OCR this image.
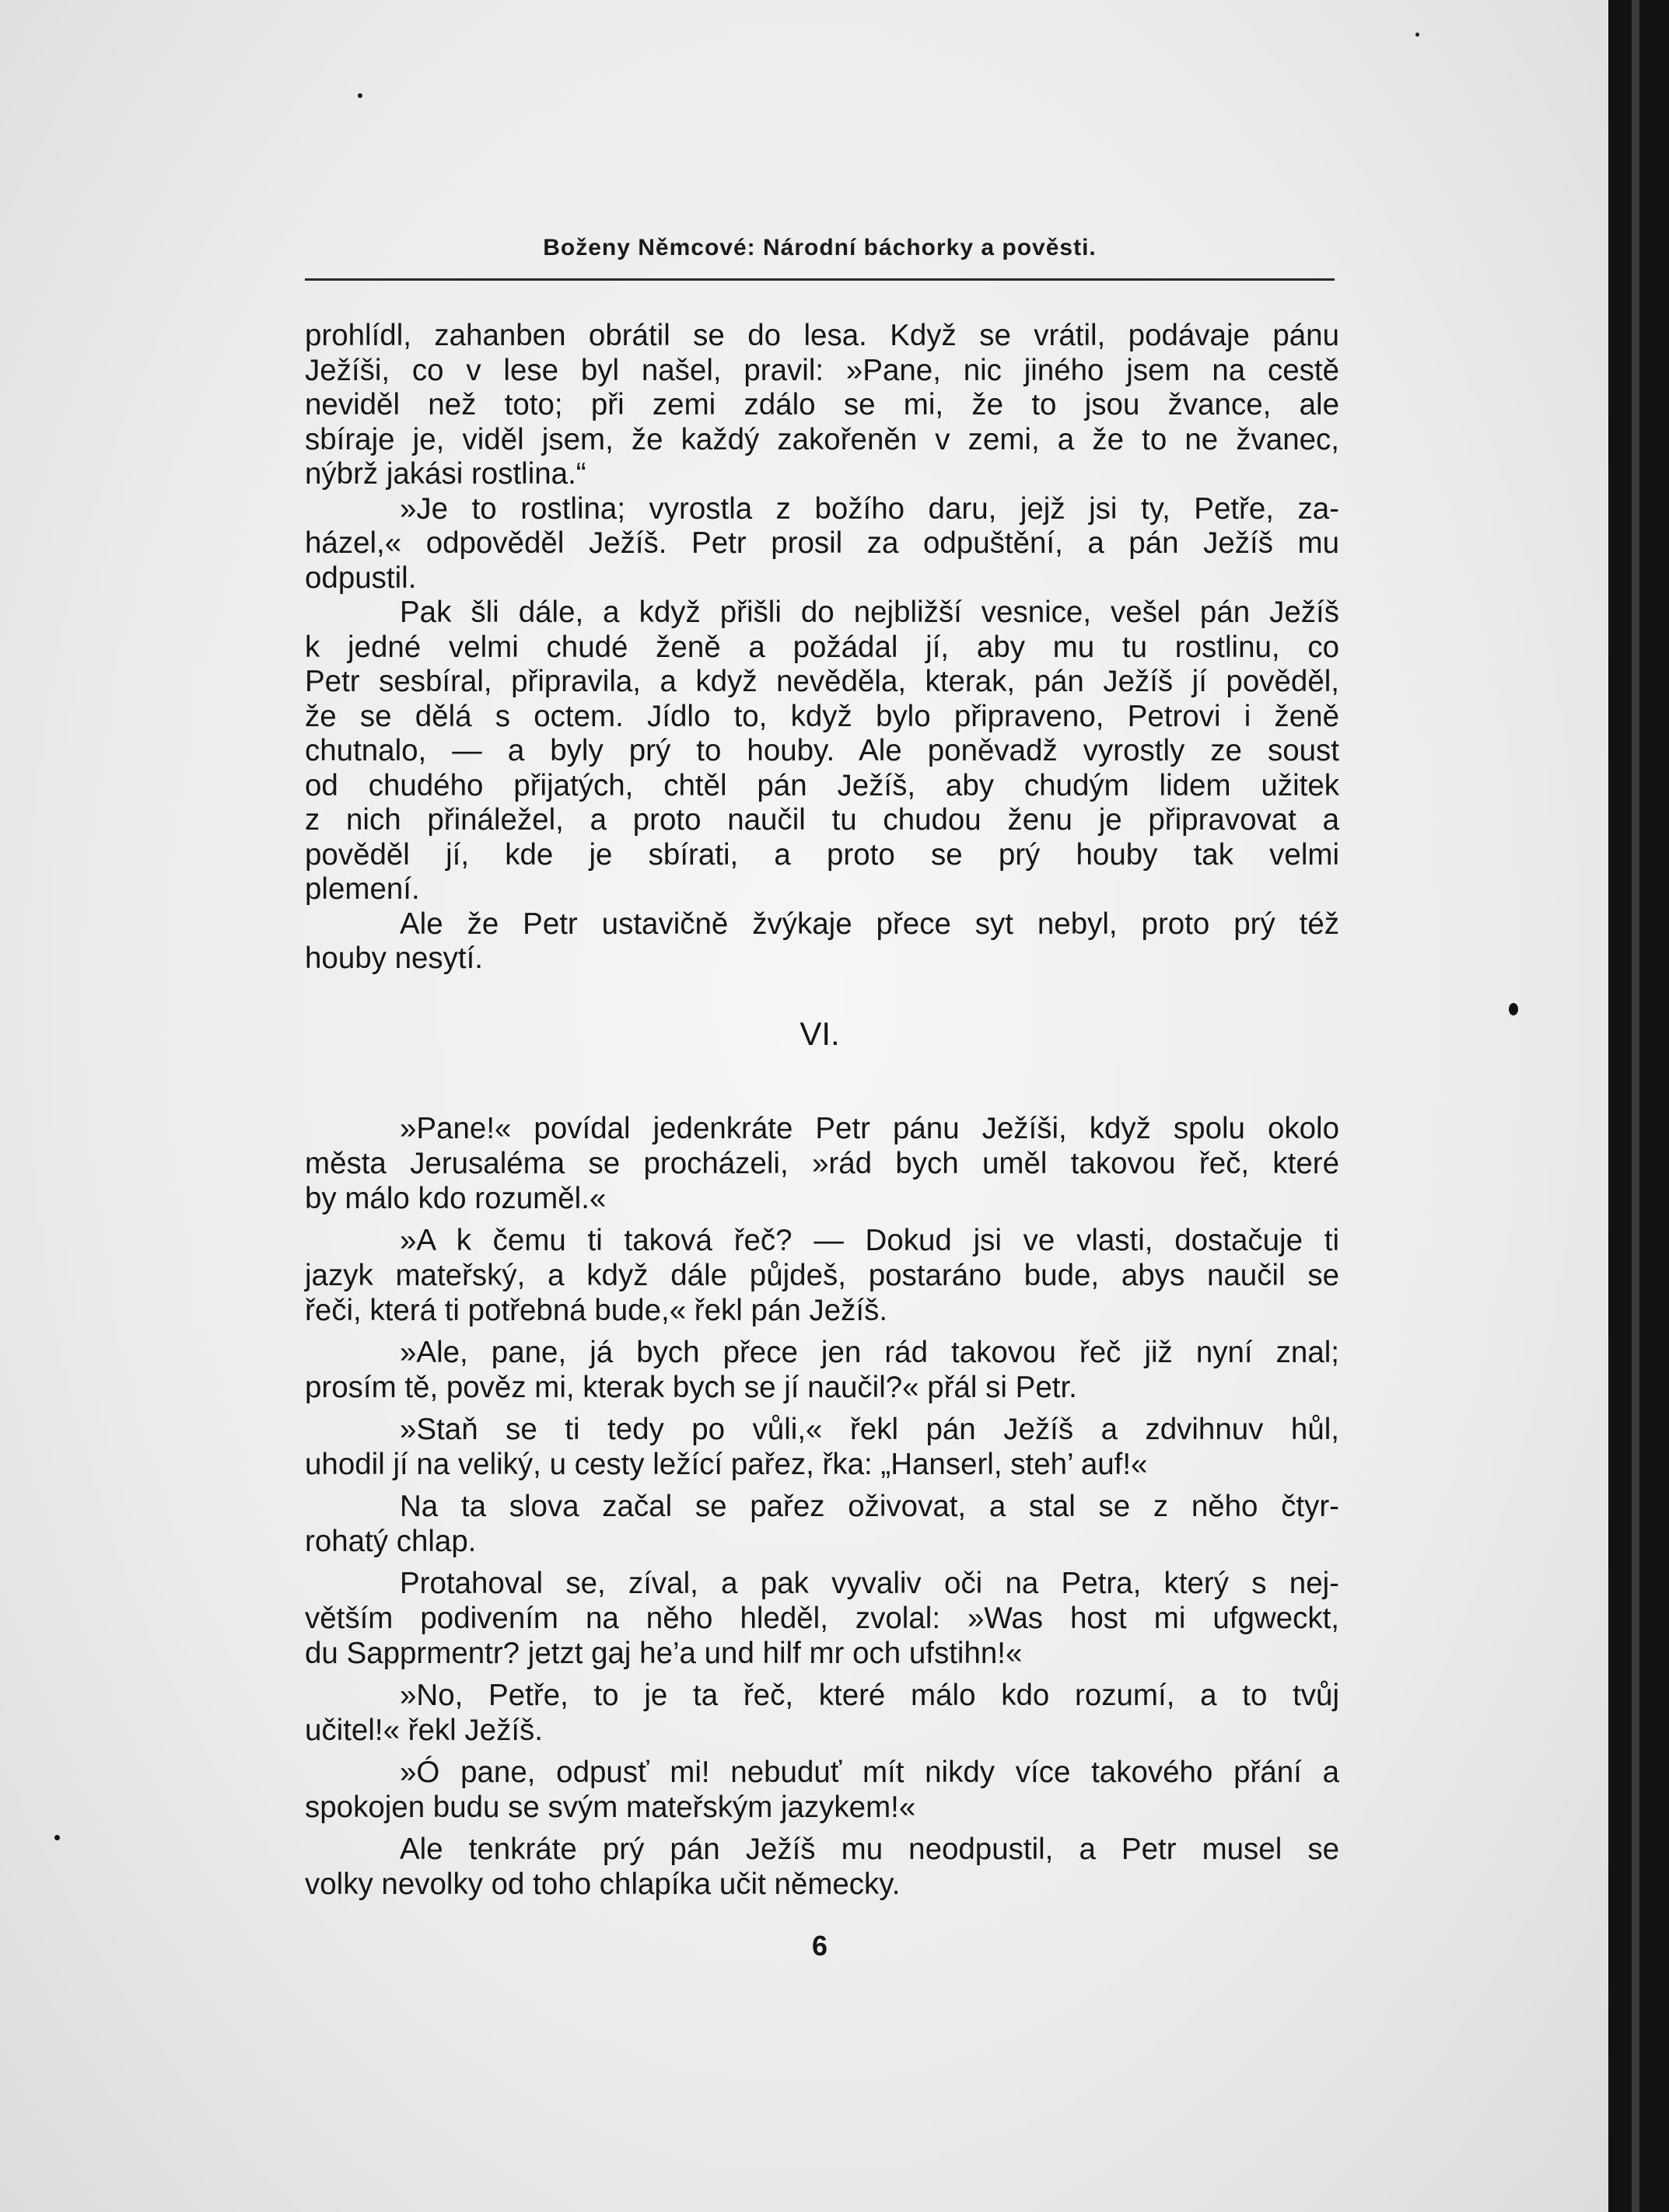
Boženy Němcové: Národní báchorky a pověsti.
prohlídl, zahanben obrátil se do lesa. Když se vrátil, podávaje pánu
Ježíši, co v lese byl našel, pravil: »Pane, nic jiného jsem na cestě
neviděl než toto; při zemi zdálo se mi, že to jsou žvance, ale
sbíraje je, viděl jsem, že každý zakořeněn v zemi, a že to ne žvanec,
nýbrž jakási rostlina.“
»Je to rostlina; vyrostla z božího daru, jejž jsi ty, Petře, za-
házel,« odpověděl Ježíš. Petr prosil za odpuštění, a pán Ježíš mu
odpustil.
Pak šli dále, a když přišli do nejbližší vesnice, vešel pán Ježíš
k jedné velmi chudé ženě a požádal jí, aby mu tu rostlinu, co
Petr sesbíral, připravila, a když nevěděla, kterak, pán Ježíš jí pověděl,
že se dělá s octem. Jídlo to, když bylo připraveno, Petrovi i ženě
chutnalo, — a byly prý to houby. Ale poněvadž vyrostly ze soust
od chudého přijatých, chtěl pán Ježíš, aby chudým lidem užitek
z nich přináležel, a proto naučil tu chudou ženu je připravovat a
pověděl jí, kde je sbírati, a proto se prý houby tak velmi
plemení.
Ale že Petr ustavičně žvýkaje přece syt nebyl, proto prý též
houby nesytí.
VI.
»Pane!« povídal jedenkráte Petr pánu Ježíši, když spolu okolo
města Jerusaléma se procházeli, »rád bych uměl takovou řeč, které
by málo kdo rozuměl.«
»A k čemu ti taková řeč? — Dokud jsi ve vlasti, dostačuje ti
jazyk mateřský, a když dále půjdeš, postaráno bude, abys naučil se
řeči, která ti potřebná bude,« řekl pán Ježíš.
»Ale, pane, já bych přece jen rád takovou řeč již nyní znal;
prosím tě, pověz mi, kterak bych se jí naučil?« přál si Petr.
»Staň se ti tedy po vůli,« řekl pán Ježíš a zdvihnuv hůl,
uhodil jí na veliký, u cesty ležící pařez, řka: „Hanserl, steh’ auf!«
Na ta slova začal se pařez oživovat, a stal se z něho čtyr-
rohatý chlap.
Protahoval se, zíval, a pak vyvaliv oči na Petra, který s nej-
větším podivením na něho hleděl, zvolal: »Was host mi ufgweckt,
du Sapprmentr? jetzt gaj he’a und hilf mr och ufstihn!«
»No, Petře, to je ta řeč, které málo kdo rozumí, a to tvůj
učitel!« řekl Ježíš.
»Ó pane, odpusť mi! nebuduť mít nikdy více takového přání a
spokojen budu se svým mateřským jazykem!«
Ale tenkráte prý pán Ježíš mu neodpustil, a Petr musel se
volky nevolky od toho chlapíka učit německy.
6
